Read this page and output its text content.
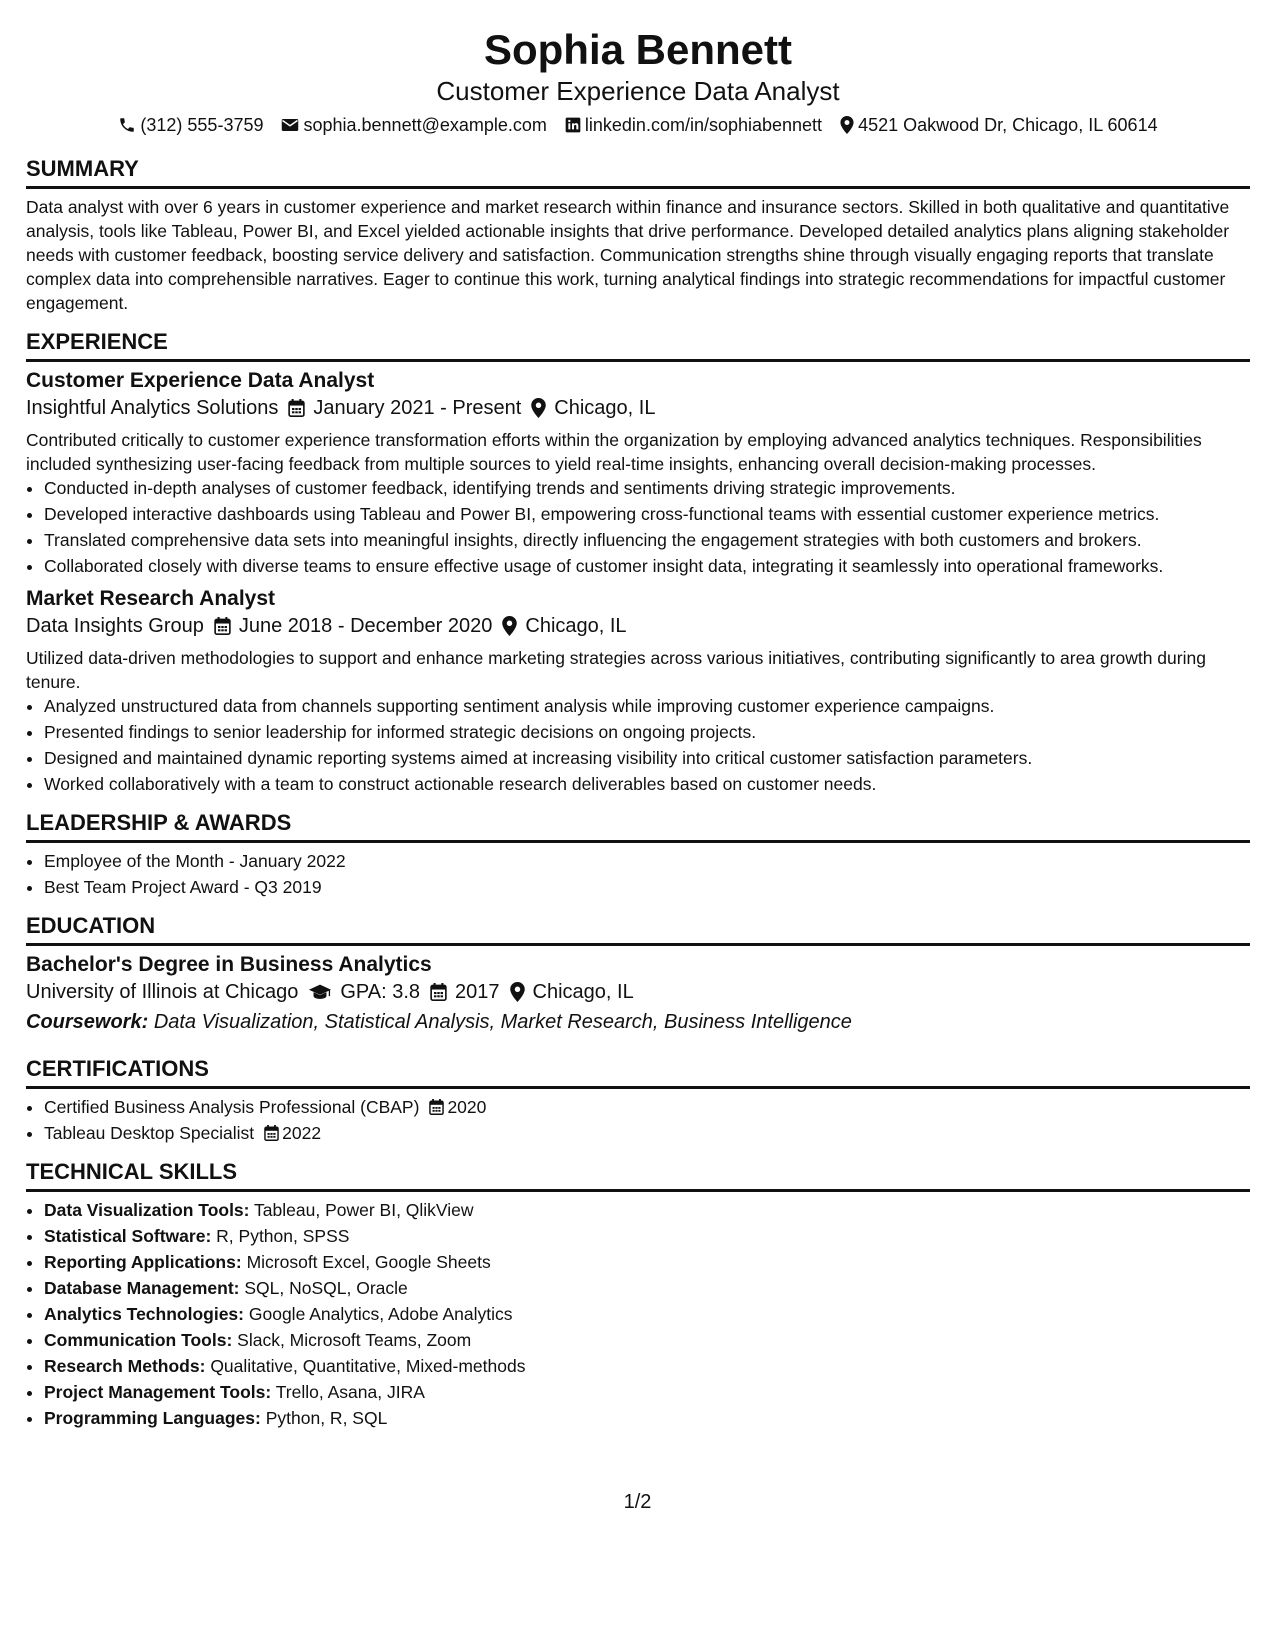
Sophia Bennett
Customer Experience Data Analyst
(312) 555-3759 sophia.bennett@example.com linkedin.com/in/sophiabennett 4521 Oakwood Dr, Chicago, IL 60614
SUMMARY

Data analyst with over 6 years in customer experience and market research within finance and insurance sectors. Skilled in both qualitative and quantitative analysis, tools like Tableau, Power BI, and Excel yielded actionable insights that drive performance. Developed detailed analytics plans aligning stakeholder needs with customer feedback, boosting service delivery and satisfaction. Communication strengths shine through visually engaging reports that translate complex data into comprehensible narratives. Eager to continue this work, turning analytical findings into strategic recommendations for impactful customer engagement.

EXPERIENCE
Customer Experience Data Analyst
Insightful Analytics Solutions January 2021 - Present Chicago, IL

Contributed critically to customer experience transformation efforts within the organization by employing advanced analytics techniques. Responsibilities included synthesizing user-facing feedback from multiple sources to yield real-time insights, enhancing overall decision-making processes.

• Conducted in-depth analyses of customer feedback, identifying trends and sentiments driving strategic improvements.
• Developed interactive dashboards using Tableau and Power BI, empowering cross-functional teams with essential customer experience metrics.
• Translated comprehensive data sets into meaningful insights, directly influencing the engagement strategies with both customers and brokers.
• Collaborated closely with diverse teams to ensure effective usage of customer insight data, integrating it seamlessly into operational frameworks.
Market Research Analyst
Data Insights Group June 2018 - December 2020 Chicago, IL

Utilized data-driven methodologies to support and enhance marketing strategies across various initiatives, contributing significantly to area growth during tenure.

• Analyzed unstructured data from channels supporting sentiment analysis while improving customer experience campaigns.
• Presented findings to senior leadership for informed strategic decisions on ongoing projects.
• Designed and maintained dynamic reporting systems aimed at increasing visibility into critical customer satisfaction parameters.
• Worked collaboratively with a team to construct actionable research deliverables based on customer needs.
LEADERSHIP & AWARDS
• Employee of the Month - January 2022
• Best Team Project Award - Q3 2019
EDUCATION
Bachelor's Degree in Business Analytics
University of Illinois at Chicago GPA: 3.8 2017 Chicago, IL
Coursework: Data Visualization, Statistical Analysis, Market Research, Business Intelligence
CERTIFICATIONS
• Certified Business Analysis Professional (CBAP) 2020
• Tableau Desktop Specialist 2022
TECHNICAL SKILLS
• Data Visualization Tools: Tableau, Power BI, QlikView
• Statistical Software: R, Python, SPSS
• Reporting Applications: Microsoft Excel, Google Sheets
• Database Management: SQL, NoSQL, Oracle
• Analytics Technologies: Google Analytics, Adobe Analytics
• Communication Tools: Slack, Microsoft Teams, Zoom
• Research Methods: Qualitative, Quantitative, Mixed-methods
• Project Management Tools: Trello, Asana, JIRA
• Programming Languages: Python, R, SQL
1/2
